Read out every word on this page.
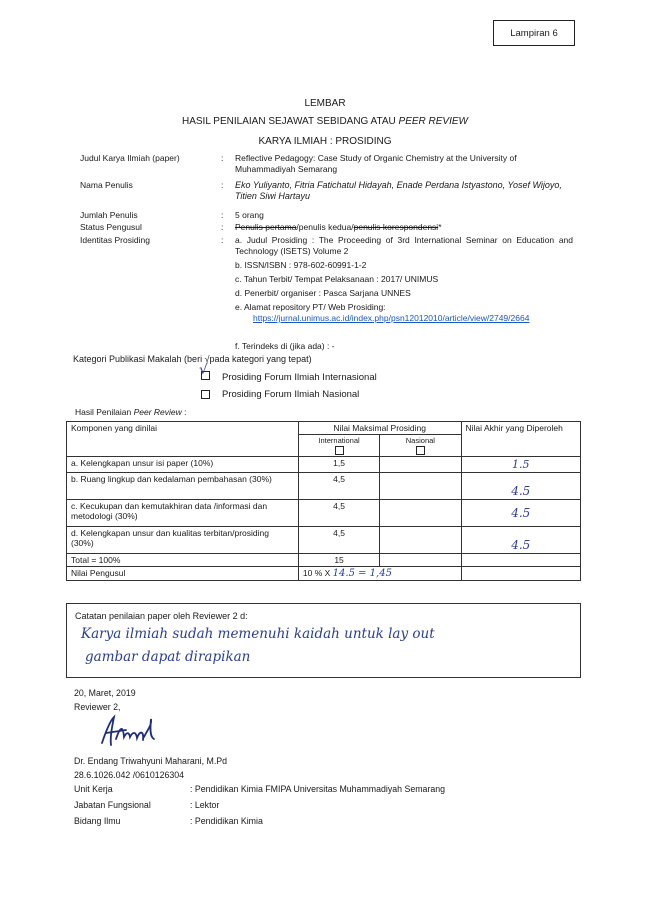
Lampiran 6
LEMBAR
HASIL PENILAIAN SEJAWAT SEBIDANG ATAU PEER REVIEW
KARYA ILMIAH : PROSIDING
Judul Karya Ilmiah (paper)	: Reflective Pedagogy: Case Study of Organic Chemistry at the University of Muhammadiyah Semarang
Nama Penulis	: Eko Yuliyanto, Fitria Fatichatul Hidayah, Enade Perdana Istyastono, Yosef Wijoyo, Titien Siwi Hartayu
Jumlah Penulis	: 5 orang
Status Pengusul	: Penulis pertama/penulis kedua/penulis korespondensi*
Identitas Prosiding	: a. Judul Prosiding : The Proceeding of 3rd International Seminar on Education and Technology (ISETS) Volume 2
b. ISSN/ISBN : 978-602-60991-1-2
c. Tahun Terbit/ Tempat Pelaksanaan : 2017/ UNIMUS
d. Penerbit/ organiser : Pasca Sarjana UNNES
e. Alamat repository PT/ Web Prosiding:
https://jurnal.unimus.ac.id/index.php/psn12012010/article/view/2749/2664
f. Terindeks di (jika ada) : -
Kategori Publikasi Makalah (beri √pada kategori yang tepat)
√ Prosiding Forum Ilmiah Internasional
Prosiding Forum Ilmiah Nasional
Hasil Penilaian Peer Review :
Komponen yang dinilai	Nilai Maksimal Prosiding		Nilai Akhir yang Diperoleh

	International	Nasional	

a. Kelengkapan unsur isi paper (10%)	1,5		1.5
b. Ruang lingkup dan kedalaman pembahasan (30%)	4,5		4.5
c. Kecukupan dan kemutakhiran data /informasi dan metodologi (30%)	4,5		4.5
d. Kelengkapan unsur dan kualitas terbitan/prosiding (30%)	4,5		4.5
Total = 100%	15		
Nilai Pengusul	10 % X 14.5 = 1,45		
Catatan penilaian paper oleh Reviewer 2 d:
Karya ilmiah sudah memenuhi kaidah untuk lay out
gambar dapat dirapikan
20, Maret, 2019
Reviewer 2,
Dr. Endang Triwahyuni Maharani, M.Pd
28.6.1026.042 /0610126304
Unit Kerja	: Pendidikan Kimia FMIPA Universitas Muhammadiyah Semarang
Jabatan Fungsional	: Lektor
Bidang Ilmu	: Pendidikan Kimia
